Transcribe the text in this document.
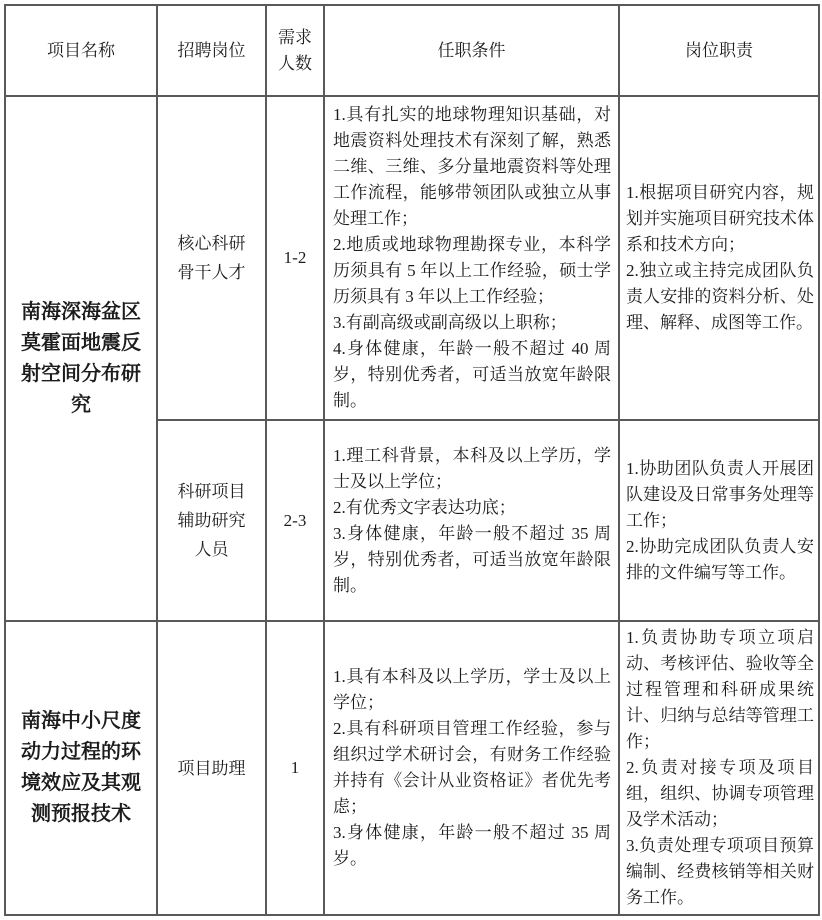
项目名称	招聘岗位	需求人数	任职条件	岗位职责
南海深海盆区莫霍面地震反射空间分布研究	核心科研骨干人才	1-2	
1.具有扎实的地球物理知识基础，对地震资料处理技术有深刻了解，熟悉二维、三维、多分量地震资料等处理工作流程，能够带领团队或独立从事处理工作；
2.地质或地球物理勘探专业，本科学历须具有 5 年以上工作经验，硕士学历须具有 3 年以上工作经验；
3.有副高级或副高级以上职称；
4.身体健康，年龄一般不超过 40 周岁，特别优秀者，可适当放宽年龄限制。

1.根据项目研究内容，规划并实施项目研究技术体系和技术方向；
2.独立或主持完成团队负责人安排的资料分析、处理、解释、成图等工作。

科研项目辅助研究人员	2-3	
1.理工科背景，本科及以上学历，学士及以上学位；
2.有优秀文字表达功底；
3.身体健康，年龄一般不超过 35 周岁，特别优秀者，可适当放宽年龄限制。

1.协助团队负责人开展团队建设及日常事务处理等工作；
2.协助完成团队负责人安排的文件编写等工作。

南海中小尺度动力过程的环境效应及其观测预报技术	项目助理	1	
1.具有本科及以上学历，学士及以上学位；
2.具有科研项目管理工作经验，参与组织过学术研讨会，有财务工作经验并持有《会计从业资格证》者优先考虑；
3.身体健康，年龄一般不超过 35 周岁。

1.负责协助专项立项启动、考核评估、验收等全过程管理和科研成果统计、归纳与总结等管理工作；
2.负责对接专项及项目组，组织、协调专项管理及学术活动；
3.负责处理专项项目预算编制、经费核销等相关财务工作。
